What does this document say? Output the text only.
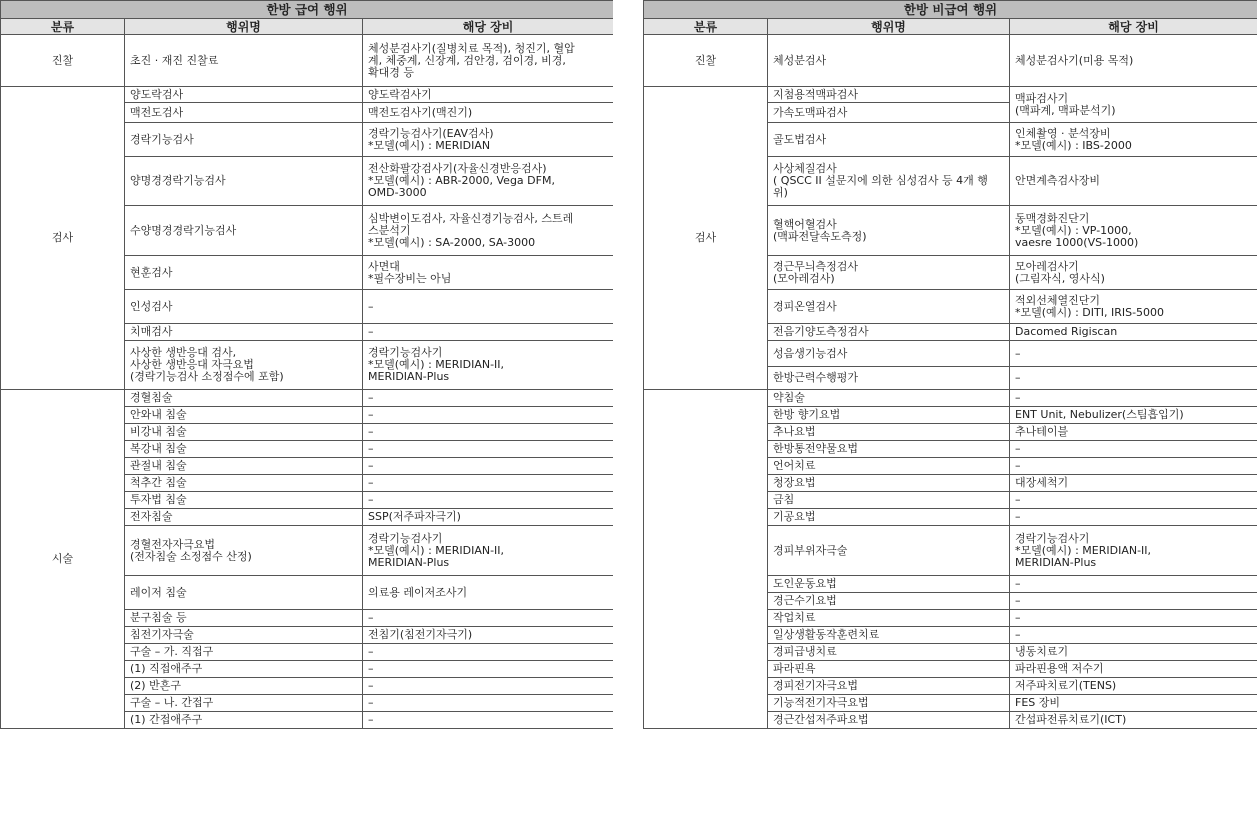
한방 급여 행위		
분류	행위명	해당 장비
진찰	초진 · 재진 진찰료	체성분검사기(질병치료 목적), 청진기, 혈압
계, 체중계, 신장계, 검안경, 검이경, 비경,
확대경 등
검사	양도락검사	양도락검사기
	맥전도검사	맥전도검사기(맥진기)
	경락기능검사	경락기능검사기(EAV검사)
*모델(예시) : MERIDIAN
	양명경경락기능검사	전산화팔강검사기(자율신경반응검사)
*모델(예시) : ABR-2000, Vega DFM,
OMD-3000
	수양명경경락기능검사	심박변이도검사, 자율신경기능검사, 스트레
스분석기
*모델(예시) : SA-2000, SA-3000
	현훈검사	사면대
*필수장비는 아님
	인성검사	–
	치매검사	–
	사상한 생반응대 검사,
사상한 생반응대 자극요법
(경락기능검사 소정점수에 포함)	경락기능검사기
*모델(예시) : MERIDIAN-II,
MERIDIAN-Plus
시술	경혈침술	–
	안와내 침술	–
	비강내 침술	–
	복강내 침술	–
	관절내 침술	–
	척추간 침술	–
	투자법 침술	–
	전자침술	SSP(저주파자극기)
	경혈전자자극요법
(전자침술 소정점수 산정)	경락기능검사기
*모델(예시) : MERIDIAN-II,
MERIDIAN-Plus
	레이저 침술	의료용 레이저조사기
	분구침술 등	–
	침전기자극술	전침기(침전기자극기)
	구술 – 가. 직접구	–
	(1) 직접애주구	–
	(2) 반흔구	–
	구술 – 나. 간접구	–
	(1) 간접애주구	–
한방 비급여 행위		
분류	행위명	해당 장비
진찰	체성분검사	체성분검사기(미용 목적)
검사	지첨용적맥파검사	맥파검사기
(맥파계, 맥파분석기)
	가속도맥파검사	
	골도법검사	인체촬영 · 분석장비
*모델(예시) : IBS-2000
	사상체질검사
( QSCC II 설문지에 의한 심성검사 등 4개 행
위)	안면계측검사장비
	혈핵어혈검사
(맥파전달속도측정)	동맥경화진단기
*모델(예시) : VP-1000,
vaesre 1000(VS-1000)
	경근무늬측정검사
(모아레검사)	모아레검사기
(그림자식, 영사식)
	경피온열검사	적외선체열진단기
*모델(예시) : DITI, IRIS-5000
	전음기양도측정검사	Dacomed Rigiscan
	성음생기능검사	–
	한방근력수행평가	–
	약침술	–
	한방 향기요법	ENT Unit, Nebulizer(스팀흡입기)
	추나요법	추나테이블
	한방통전약물요법	–
	언어치료	–
	청장요법	대장세척기
	금침	–
	기공요법	–
	경피부위자극술	경락기능검사기
*모델(예시) : MERIDIAN-II,
MERIDIAN-Plus
	도인운동요법	–
	경근수기요법	–
	작업치료	–
	일상생활동작훈련치료	–
	경피급냉치료	냉동치료기
	파라핀욕	파라핀용액 저수기
	경피전기자극요법	저주파치료기(TENS)
	기능적전기자극요법	FES 장비
	경근간섭저주파요법	간섭파전류치료기(ICT)
